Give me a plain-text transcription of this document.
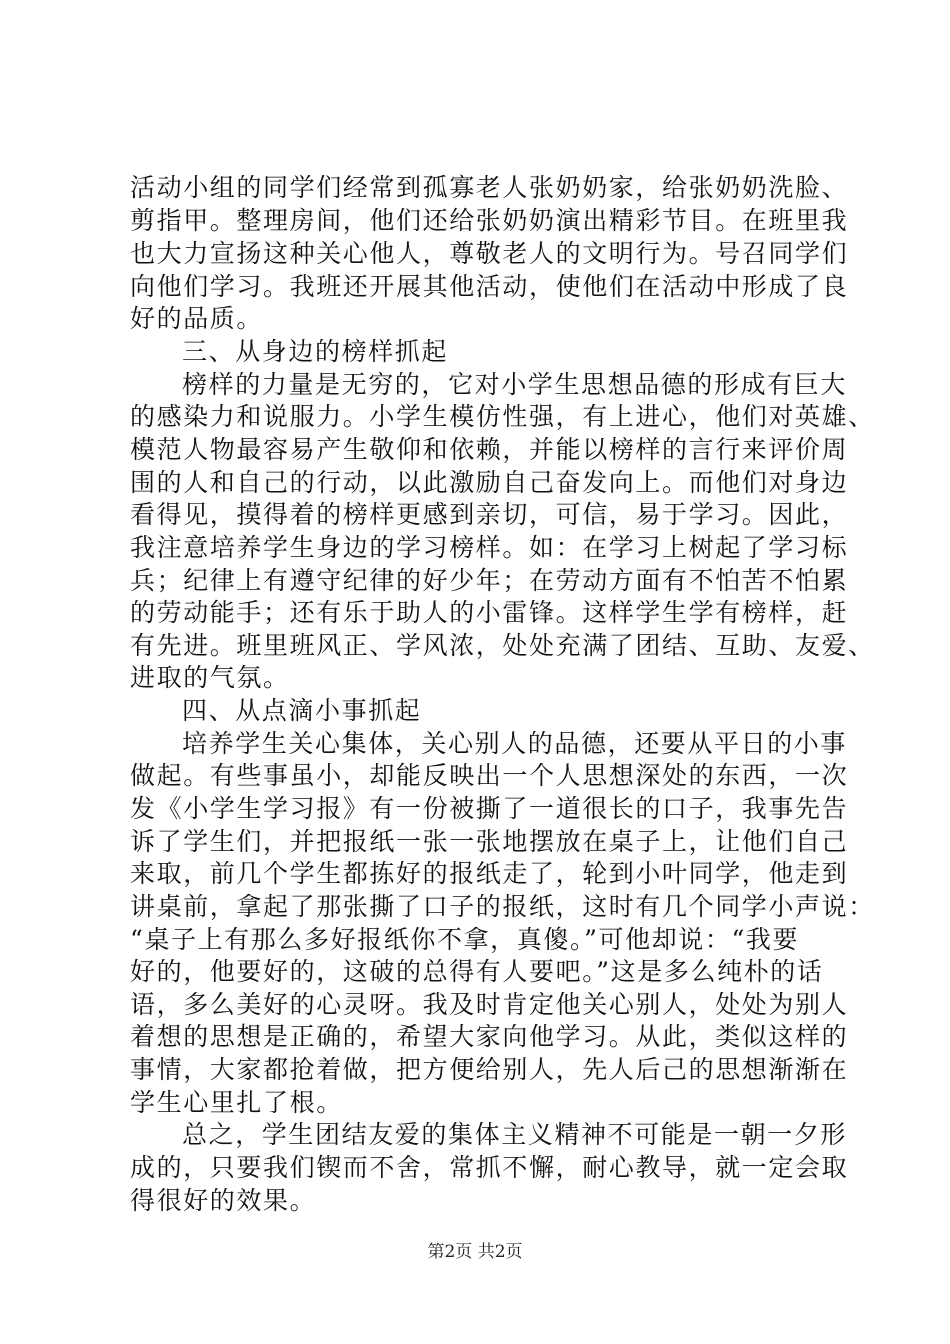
活动小组的同学们经常到孤寡老人张奶奶家，给张奶奶洗脸、
剪指甲。整理房间，他们还给张奶奶演出精彩节目。在班里我
也大力宣扬这种关心他人，尊敬老人的文明行为。号召同学们
向他们学习。我班还开展其他活动，使他们在活动中形成了良
好的品质。
三、从身边的榜样抓起
榜样的力量是无穷的，它对小学生思想品德的形成有巨大
的感染力和说服力。小学生模仿性强，有上进心，他们对英雄、
模范人物最容易产生敬仰和依赖，并能以榜样的言行来评价周
围的人和自己的行动，以此激励自己奋发向上。而他们对身边
看得见，摸得着的榜样更感到亲切，可信，易于学习。因此，
我注意培养学生身边的学习榜样。如：在学习上树起了学习标
兵；纪律上有遵守纪律的好少年；在劳动方面有不怕苦不怕累
的劳动能手；还有乐于助人的小雷锋。这样学生学有榜样，赶
有先进。班里班风正、学风浓，处处充满了团结、互助、友爱、
进取的气氛。
四、从点滴小事抓起
培养学生关心集体，关心别人的品德，还要从平日的小事
做起。有些事虽小，却能反映出一个人思想深处的东西，一次
发《小学生学习报》有一份被撕了一道很长的口子，我事先告
诉了学生们，并把报纸一张一张地摆放在桌子上，让他们自己
来取，前几个学生都拣好的报纸走了，轮到小叶同学，他走到
讲桌前，拿起了那张撕了口子的报纸，这时有几个同学小声说：
“桌子上有那么多好报纸你不拿，真傻。”可他却说：“我要
好的，他要好的，这破的总得有人要吧。”这是多么纯朴的话
语，多么美好的心灵呀。我及时肯定他关心别人，处处为别人
着想的思想是正确的，希望大家向他学习。从此，类似这样的
事情，大家都抢着做，把方便给别人，先人后己的思想渐渐在
学生心里扎了根。
总之，学生团结友爱的集体主义精神不可能是一朝一夕形
成的，只要我们锲而不舍，常抓不懈，耐心教导，就一定会取
得很好的效果。
第2页 共2页
